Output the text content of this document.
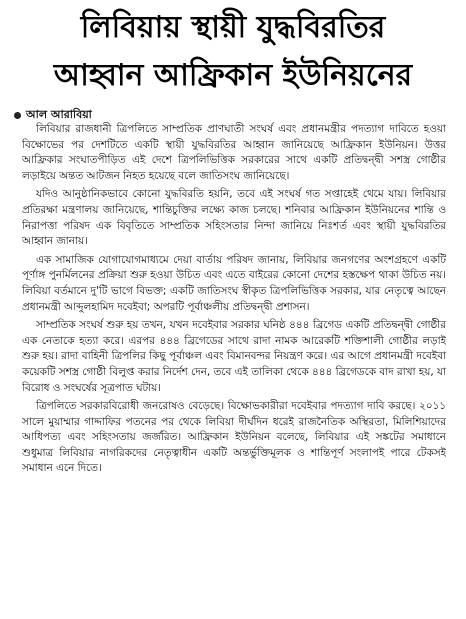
লিবিয়ায় স্থায়ী যুদ্ধবিরতির
আহ্বান আফ্রিকান ইউনিয়নের
আল আরাবিয়া

লিবিয়ার রাজধানী ত্রিপলিতে সাম্প্রতিক প্রাণঘাতী সংঘর্ষ এবং প্রধানমন্ত্রীর পদত্যাগ দাবিতে হওয়া বিক্ষোভের পর দেশটিতে একটি স্থায়ী যুদ্ধবিরতির আহ্বান জানিয়েছে আফ্রিকান ইউনিয়ন। উত্তর আফ্রিকার সংঘাতপীড়িত এই দেশে ত্রিপলিভিত্তিক সরকারের সাথে একটি প্রতিদ্বন্দ্বী সশস্ত্র গোষ্ঠীর লড়াইয়ে অন্তত আটজন নিহত হয়েছে বলে জাতিসংঘ জানিয়েছে।

যদিও আনুষ্ঠানিকভাবে কোনো যুদ্ধবিরতি হয়নি, তবে এই সংঘর্ষ গত সপ্তাহেই থেমে যায়। লিবিয়ার প্রতিরক্ষা মন্ত্রণালয় জানিয়েছে, শান্তিচুক্তির লক্ষ্যে কাজ চলছে। শনিবার আফ্রিকান ইউনিয়নের শান্তি ও নিরাপত্তা পরিষদ এক বিবৃতিতে সাম্প্রতিক সহিংসতার নিন্দা জানিয়ে নিঃশর্ত এবং স্থায়ী যুদ্ধবিরতির আহ্বান জানায়।

এক সামাজিক যোগাযোগমাধ্যমে দেয়া বার্তায় পরিষদ জানায়, লিবিয়ার জনগণের অংশগ্রহণে একটি পূর্ণাঙ্গ পুনর্মিলনের প্রক্রিয়া শুরু হওয়া উচিত এবং এতে বাইরের কোনো দেশের হস্তক্ষেপ থাকা উচিত নয়। লিবিয়া বর্তমানে দু'টি ভাগে বিভক্ত; একটি জাতিসংঘ স্বীকৃত ত্রিপলিভিত্তিক সরকার, যার নেতৃত্বে আছেন প্রধানমন্ত্রী আব্দুলহামিদ দবেইবা; অপরটি পূর্বাঞ্চলীয় প্রতিদ্বন্দ্বী প্রশাসন।

সাম্প্রতিক সংঘর্ষ শুরু হয় তখন, যখন দবেইবার সরকার ঘনিষ্ঠ ৪৪৪ ব্রিগেড একটি প্রতিদ্বন্দ্বী গোষ্ঠীর এক নেতাকে হত্যা করে। এরপর ৪৪৪ ব্রিগেডের সাথে রাদা নামক আরেকটি শক্তিশালী গোষ্ঠীর লড়াই শুরু হয়। রাদা বাহিনী ত্রিপলির কিছু পূর্বাঞ্চল এবং বিমানবন্দর নিয়ন্ত্রণ করে। এর আগে প্রধানমন্ত্রী দবেইবা কয়েকটি সশস্ত্র গোষ্ঠী বিলুপ্ত করার নির্দেশ দেন, তবে এই তালিকা থেকে ৪৪৪ ব্রিগেডকে বাদ রাখা হয়, যা বিরোধ ও সংঘর্ষের সূত্রপাত ঘটায়।

ত্রিপলিতে সরকারবিরোধী জনরোষও বেড়েছে। বিক্ষোভকারীরা দবেইবার পদত্যাগ দাবি করছে। ২০১১ সালে মুয়াম্মার গাদ্দাফির পতনের পর থেকে লিবিয়া দীর্ঘদিন ধরেই রাজনৈতিক অস্থিরতা, মিলিশিয়াদের আধিপত্য এবং সহিংসতায় জর্জরিত। আফ্রিকান ইউনিয়ন বলেছে, লিবিয়ার এই সঙ্কটের সমাধানে শুধুমাত্র লিবিয়ার নাগরিকদের নেতৃত্বাধীন একটি অন্তর্ভুক্তিমূলক ও শান্তিপূর্ণ সংলাপই পারে টেকসই সমাধান এনে দিতে।
